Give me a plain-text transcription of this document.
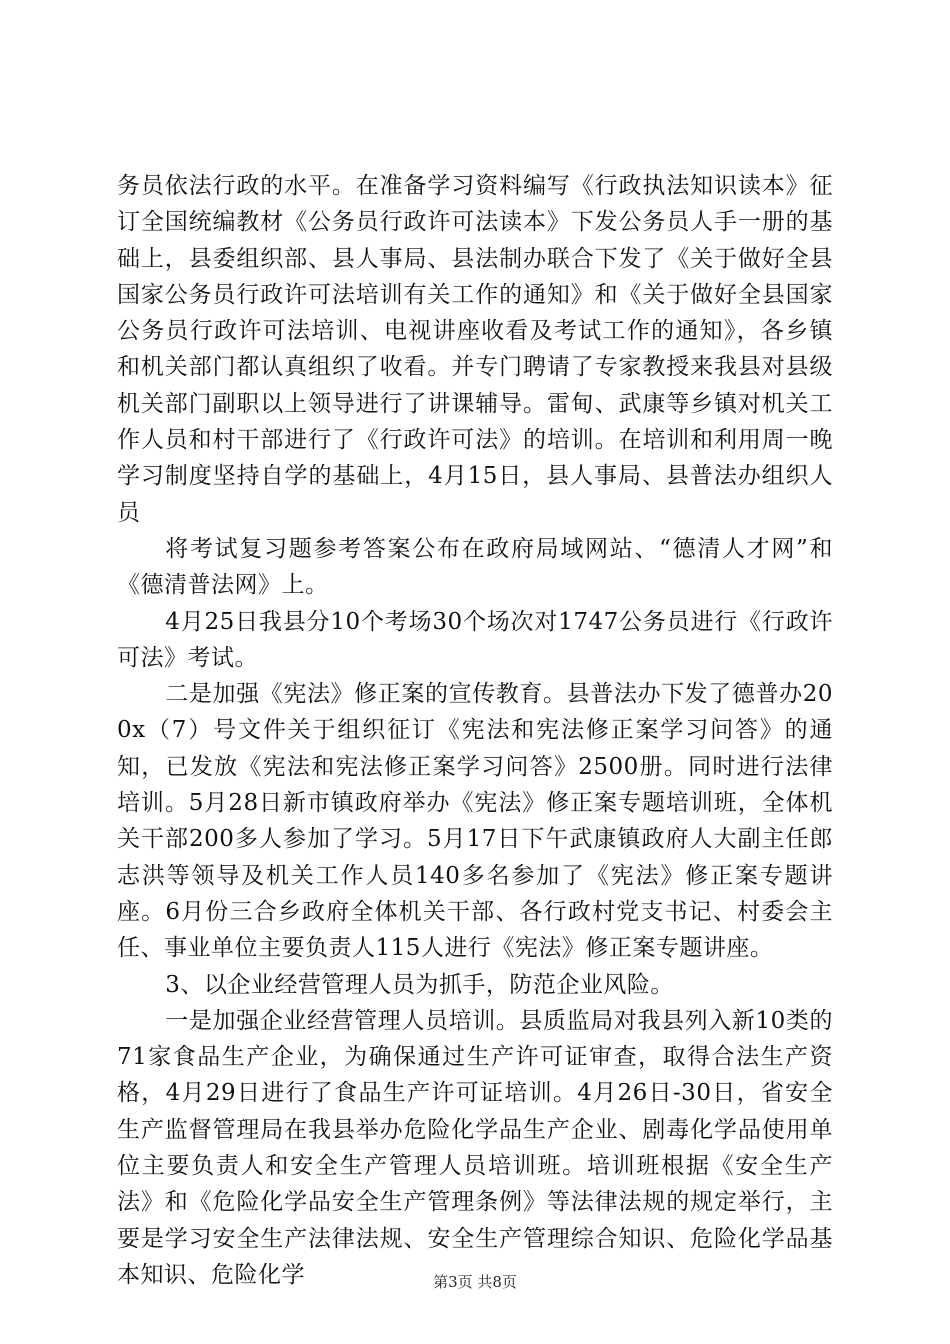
务员依法行政的水平。在准备学习资料编写《行政执法知识读本》征订全国统编教材《公务员行政许可法读本》下发公务员人手一册的基础上，县委组织部、县人事局、县法制办联合下发了《关于做好全县国家公务员行政许可法培训有关工作的通知》和《关于做好全县国家公务员行政许可法培训、电视讲座收看及考试工作的通知》，各乡镇和机关部门都认真组织了收看。并专门聘请了专家教授来我县对县级机关部门副职以上领导进行了讲课辅导。雷甸、武康等乡镇对机关工作人员和村干部进行了《行政许可法》的培训。在培训和利用周一晚学习制度坚持自学的基础上，4月15日，县人事局、县普法办组织人员

将考试复习题参考答案公布在政府局域网站、“德清人才网”和《德清普法网》上。

4月25日我县分10个考场30个场次对1747公务员进行《行政许可法》考试。

二是加强《宪法》修正案的宣传教育。县普法办下发了德普办200x（7）号文件关于组织征订《宪法和宪法修正案学习问答》的通知，已发放《宪法和宪法修正案学习问答》2500册。同时进行法律培训。5月28日新市镇政府举办《宪法》修正案专题培训班，全体机关干部200多人参加了学习。5月17日下午武康镇政府人大副主任郎志洪等领导及机关工作人员140多名参加了《宪法》修正案专题讲座。6月份三合乡政府全体机关干部、各行政村党支书记、村委会主任、事业单位主要负责人115人进行《宪法》修正案专题讲座。

3、以企业经营管理人员为抓手，防范企业风险。

一是加强企业经营管理人员培训。县质监局对我县列入新10类的71家食品生产企业，为确保通过生产许可证审查，取得合法生产资格，4月29日进行了食品生产许可证培训。4月26日-30日，省安全生产监督管理局在我县举办危险化学品生产企业、剧毒化学品使用单位主要负责人和安全生产管理人员培训班。培训班根据《安全生产法》和《危险化学品安全生产管理条例》等法律法规的规定举行，主要是学习安全生产法律法规、安全生产管理综合知识、危险化学品基本知识、危险化学	第3页 共8页
